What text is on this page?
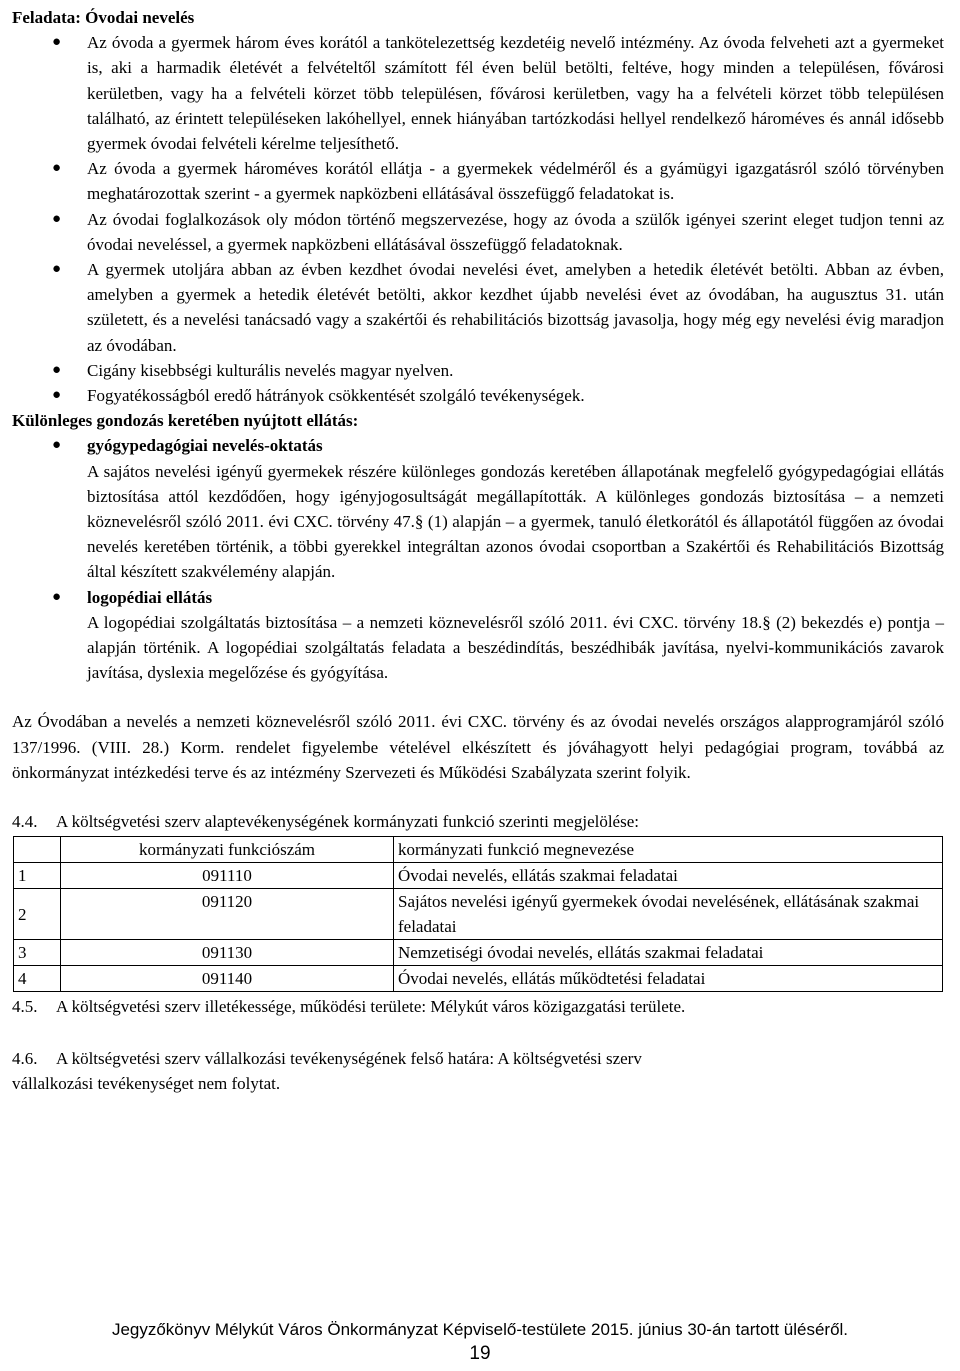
Feladata: Óvodai nevelés

● Az óvoda a gyermek három éves korától a tankötelezettség kezdetéig nevelő intézmény. Az óvoda felveheti azt a gyermeket is, aki a harmadik életévét a felvételtől számított fél éven belül betölti, feltéve, hogy minden a településen, fővárosi kerületben, vagy ha a felvételi körzet több településen, fővárosi kerületben, vagy ha a felvételi körzet több településen található, az érintett településeken lakóhellyel, ennek hiányában tartózkodási hellyel rendelkező hároméves és annál idősebb gyermek óvodai felvételi kérelme teljesíthető.
● Az óvoda a gyermek hároméves korától ellátja - a gyermekek védelméről és a gyámügyi igazgatásról szóló törvényben meghatározottak szerint - a gyermek napközbeni ellátásával összefüggő feladatokat is.
● Az óvodai foglalkozások oly módon történő megszervezése, hogy az óvoda a szülők igényei szerint eleget tudjon tenni az óvodai neveléssel, a gyermek napközbeni ellátásával összefüggő feladatoknak.
● A gyermek utoljára abban az évben kezdhet óvodai nevelési évet, amelyben a hetedik életévét betölti. Abban az évben, amelyben a gyermek a hetedik életévét betölti, akkor kezdhet újabb nevelési évet az óvodában, ha augusztus 31. után született, és a nevelési tanácsadó vagy a szakértői és rehabilitációs bizottság javasolja, hogy még egy nevelési évig maradjon az óvodában.
● Cigány kisebbségi kulturális nevelés magyar nyelven.
● Fogyatékosságból eredő hátrányok csökkentését szolgáló tevékenységek.

Különleges gondozás keretében nyújtott ellátás:

● gyógypedagógiai nevelés-oktatás
A sajátos nevelési igényű gyermekek részére különleges gondozás keretében állapotának megfelelő gyógypedagógiai ellátás biztosítása attól kezdődően, hogy igényjogosultságát megállapították. A különleges gondozás biztosítása – a nemzeti köznevelésről szóló 2011. évi CXC. törvény 47.§ (1) alapján – a gyermek, tanuló életkorától és állapotától függően az óvodai nevelés keretében történik, a többi gyerekkel integráltan azonos óvodai csoportban a Szakértői és Rehabilitációs Bizottság által készített szakvélemény alapján.
● logopédiai ellátás
A logopédiai szolgáltatás biztosítása – a nemzeti köznevelésről szóló 2011. évi CXC. törvény 18.§ (2) bekezdés e) pontja – alapján történik. A logopédiai szolgáltatás feladata a beszédindítás, beszédhibák javítása, nyelvi-kommunikációs zavarok javítása, dyslexia megelőzése és gyógyítása.

Az Óvodában a nevelés a nemzeti köznevelésről szóló 2011. évi CXC. törvény és az óvodai nevelés országos alapprogramjáról szóló 137/1996. (VIII. 28.) Korm. rendelet figyelembe vételével elkészített és jóváhagyott helyi pedagógiai program, továbbá az önkormányzat intézkedési terve és az intézmény Szervezeti és Működési Szabályzata szerint folyik.

4.4. A költségvetési szerv alaptevékenységének kormányzati funkció szerinti megjelölése:
	kormányzati funkciószám	kormányzati funkció megnevezése
1	091110	Óvodai nevelés, ellátás szakmai feladatai
2	091120	Sajátos nevelési igényű gyermekek óvodai nevelésének, ellátásának szakmai feladatai
3	091130	Nemzetiségi óvodai nevelés, ellátás szakmai feladatai
4	091140	Óvodai nevelés, ellátás működtetési feladatai
4.5. A költségvetési szerv illetékessége, működési területe: Mélykút város közigazgatási területe.
4.6. A költségvetési szerv vállalkozási tevékenységének felső határa: A költségvetési szerv
vállalkozási tevékenységet nem folytat.
Jegyzőkönyv Mélykút Város Önkormányzat Képviselő-testülete 2015. június 30-án tartott üléséről.
19
